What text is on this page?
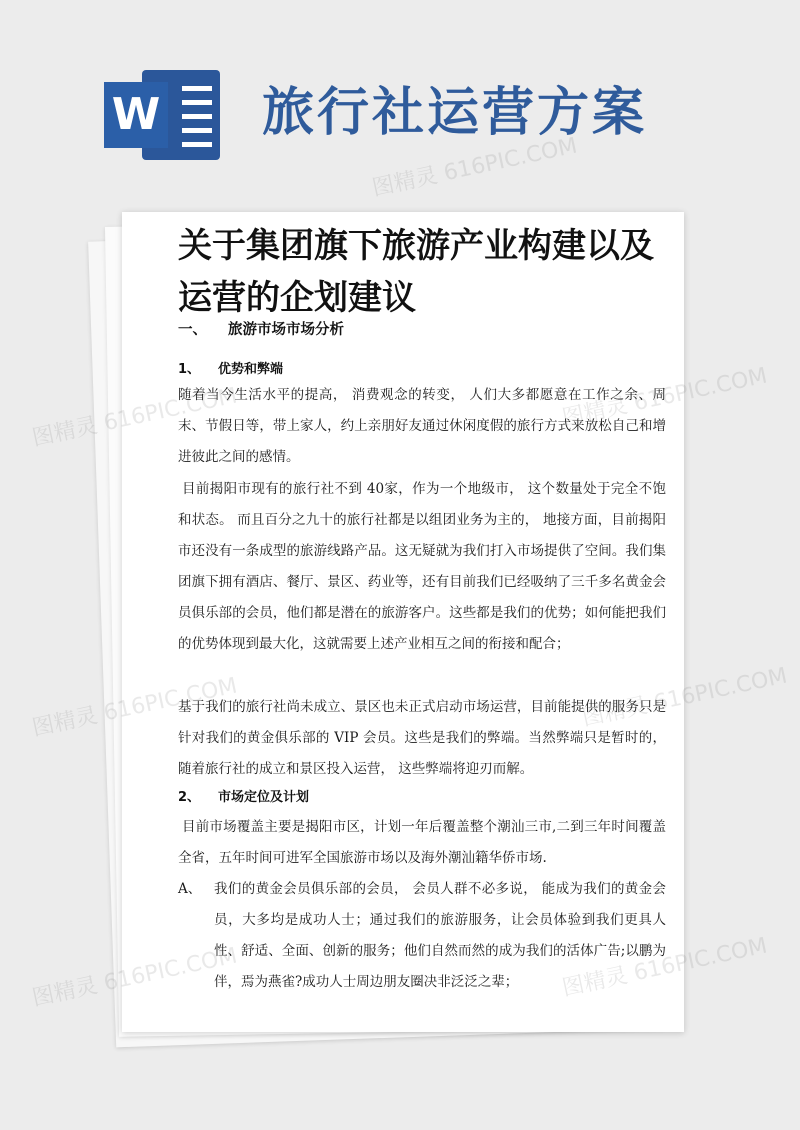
W 旅行社运营方案
关于集团旗下旅游产业构建以及运营的企划建议
一、 旅游市场市场分析
1、 优势和弊端
随着当今生活水平的提高， 消费观念的转变， 人们大多都愿意在工作之余、周末、节假日等，带上家人，约上亲朋好友通过休闲度假的旅行方式来放松自己和增进彼此之间的感情。
目前揭阳市现有的旅行社不到 40家，作为一个地级市， 这个数量处于完全不饱和状态。 而且百分之九十的旅行社都是以组团业务为主的， 地接方面，目前揭阳市还没有一条成型的旅游线路产品。这无疑就为我们打入市场提供了空间。我们集团旗下拥有酒店、餐厅、景区、药业等，还有目前我们已经吸纳了三千多名黄金会员俱乐部的会员，他们都是潜在的旅游客户。这些都是我们的优势；如何能把我们的优势体现到最大化，这就需要上述产业相互之间的衔接和配合；
基于我们的旅行社尚未成立、景区也未正式启动市场运营，目前能提供的服务只是针对我们的黄金俱乐部的 VIP 会员。这些是我们的弊端。当然弊端只是暂时的， 随着旅行社的成立和景区投入运营， 这些弊端将迎刃而解。
2、 市场定位及计划
目前市场覆盖主要是揭阳市区，计划一年后覆盖整个潮汕三市,二到三年时间覆盖全省，五年时间可进军全国旅游市场以及海外潮汕籍华侨市场.
A、 我们的黄金会员俱乐部的会员， 会员人群不必多说， 能成为我们的黄金会员，大多均是成功人士；通过我们的旅游服务，让会员体验到我们更具人性、舒适、全面、创新的服务；他们自然而然的成为我们的活体广告;以鹏为伴，焉为燕雀?成功人士周边朋友圈决非泛泛之辈；
图精灵 616PIC.COM
616PIC.COM
图精灵
图精灵	图精灵 616PIC.COM
图精灵
616PIC.COM
